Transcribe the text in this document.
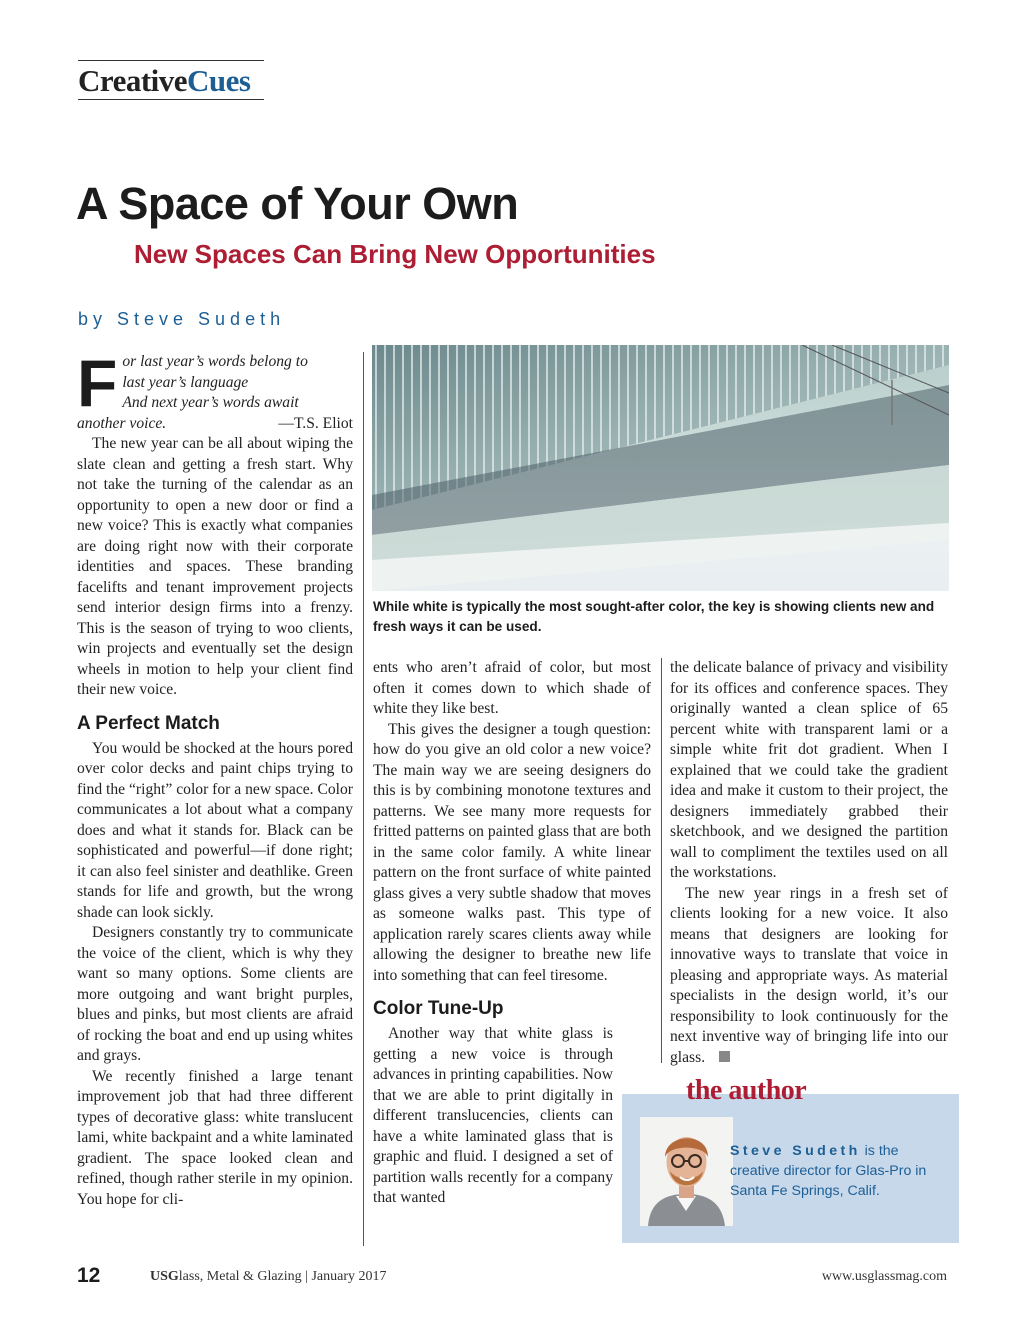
CreativeCues
A Space of Your Own
New Spaces Can Bring New Opportunities
by Steve Sudeth
F or last year’s words belong to
last year’s language
And next year’s words await
another voice.	—T.S. Eliot

The new year can be all about wiping the slate clean and getting a fresh start. Why not take the turning of the calendar as an opportunity to open a new door or find a new voice? This is exactly what companies are doing right now with their corporate identities and spaces. These branding facelifts and tenant improvement projects send interior design firms into a frenzy. This is the season of trying to woo clients, win projects and eventually set the design wheels in motion to help your client find their new voice.

A Perfect Match

You would be shocked at the hours pored over color decks and paint chips trying to find the “right” color for a new space. Color communicates a lot about what a company does and what it stands for. Black can be sophisticated and powerful—if done right; it can also feel sinister and deathlike. Green stands for life and growth, but the wrong shade can look sickly.

Designers constantly try to communicate the voice of the client, which is why they want so many options. Some clients are more outgoing and want bright purples, blues and pinks, but most clients are afraid of rocking the boat and end up using whites and grays.

We recently finished a large tenant improvement job that had three different types of decorative glass: white translucent lami, white backpaint and a white laminated gradient. The space looked clean and refined, though rather sterile in my opinion. You hope for cli-

While white is typically the most sought-after color, the key is showing clients new and fresh ways it can be used.

ents who aren’t afraid of color, but most often it comes down to which shade of white they like best.

This gives the designer a tough question: how do you give an old color a new voice? The main way we are seeing designers do this is by combining monotone textures and patterns. We see many more requests for fritted patterns on painted glass that are both in the same color family. A white linear pattern on the front surface of white painted glass gives a very subtle shadow that moves as someone walks past. This type of application rarely scares clients away while allowing the designer to breathe new life into something that can feel tiresome.

Color Tune-Up

Another way that white glass is getting a new voice is through advances in printing capabilities. Now that we are able to print digitally in different translucencies, clients can have a white laminated glass that is graphic and fluid. I designed a set of partition walls recently for a company that wanted

the delicate balance of privacy and visibility for its offices and conference spaces. They originally wanted a clean splice of 65 percent white with transparent lami or a simple white frit dot gradient. When I explained that we could take the gradient idea and make it custom to their project, the designers immediately grabbed their sketchbook, and we designed the partition wall to compliment the textiles used on all the workstations.

The new year rings in a fresh set of clients looking for a new voice. It also means that designers are looking for innovative ways to translate that voice in pleasing and appropriate ways. As material specialists in the design world, it’s our responsibility to look continuously for the next inventive way of bringing life into our glass.

the author
Steve Sudeth is the creative director for Glas-Pro in Santa Fe Springs, Calif.
12	USGlass, Metal & Glazing | January 2017	www.usglassmag.com
